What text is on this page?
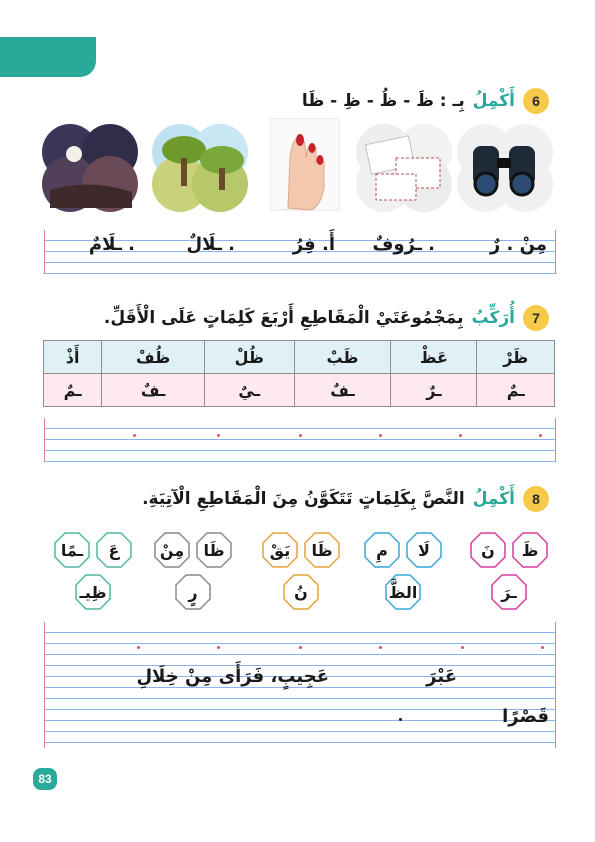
6
أَكْمِلُ
بِـ : ظَ - ظُ - ظِ - ظَا
مِنْ . رٌ
. ـرُوفٌ
أَ. فِرُ
. ـلَالٌ
. ـلَامٌ
7
أُرَكِّبُ
بِمَجْمُوعَتَيْ الْمَقَاطِعِ أَرْبَعَ كَلِمَاتٍ عَلَى الْأَقَلِّ.
ظَرْ	عَظْ	ظَبْ	ظُلْ	ظُفْ	أَذْ
ـمٌ	ـرٌ	ـفٌ	ـيٌ	ـفٌ	ـمٌ
8
أَكْمِلُ
النَّصَّ بِكَلِمَاتٍ تَتَكَوَّنُ مِنَ الْمَقَاطِعِ الْآتِيَةِ.
ظَ
نَ
ـرَ
لَا
مِ
الظَّ
ظَا
يَقْ
نُ
ظَا
مِنْ
رٍ
عَ
ـمًا
ظِيـ
عَبْرَ
عَجِيبٍ، فَرَأَى مِنْ خِلَالِ
قَصْرًا
83
